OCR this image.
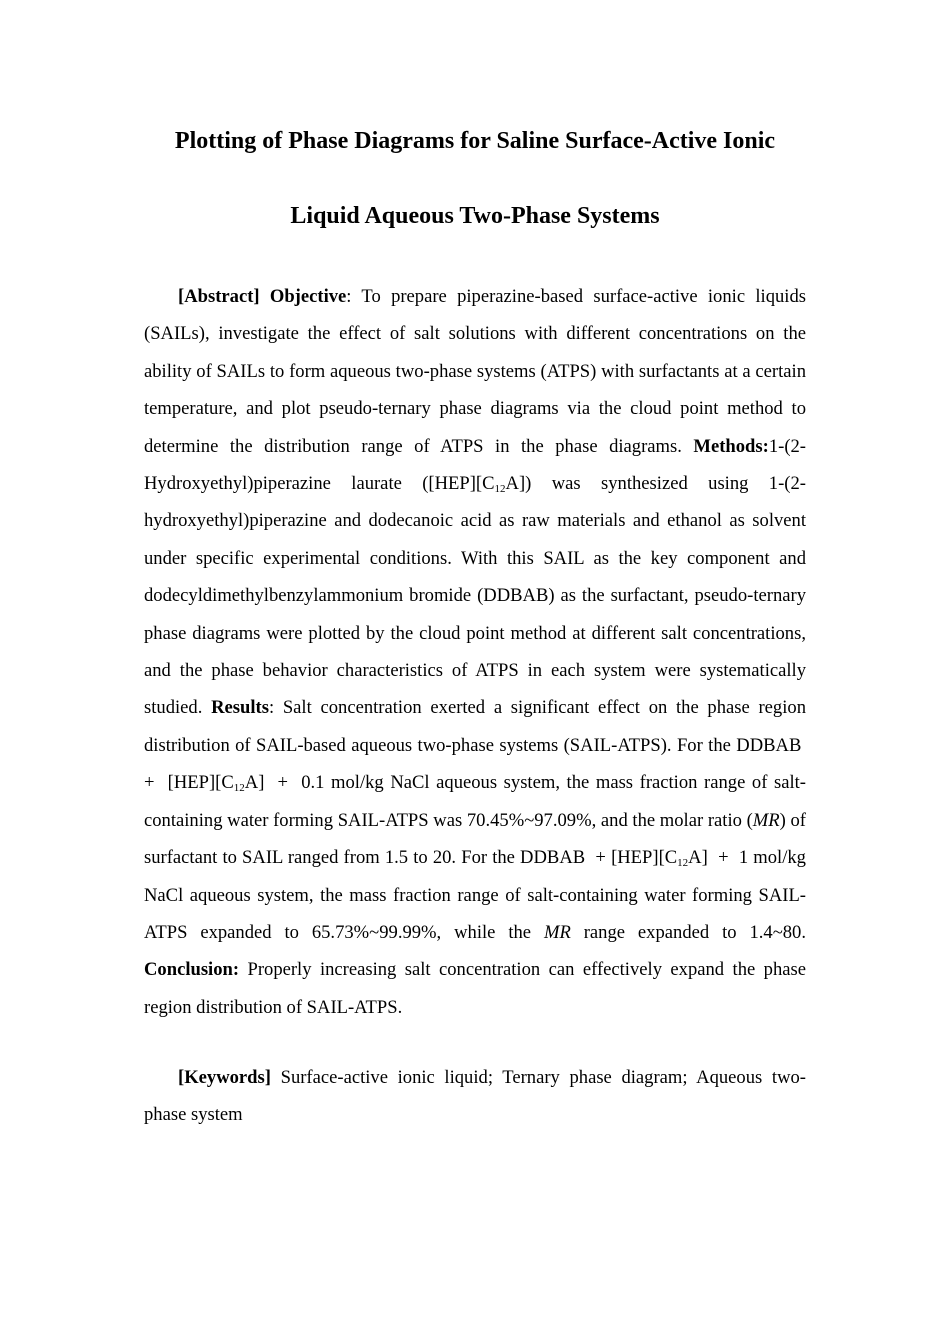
Plotting of Phase Diagrams for Saline Surface-Active Ionic
Liquid Aqueous Two-Phase Systems

[Abstract] Objective: To prepare piperazine-based surface-active ionic liquids (SAILs), investigate the effect of salt solutions with different concentrations on the ability of SAILs to form aqueous two-phase systems (ATPS) with surfactants at a certain temperature, and plot pseudo-ternary phase diagrams via the cloud point method to determine the distribution range of ATPS in the phase diagrams. Methods:1-(2-Hydroxyethyl)piperazine laurate $([HEP][C_{12}A])$ was synthesized using 1-(2-hydroxyethyl)piperazine and dodecanoic acid as raw materials and ethanol as solvent under specific experimental conditions. With this SAIL as the key component and dodecyldimethylbenzylammonium bromide (DDBAB) as the surfactant, pseudo-ternary phase diagrams were plotted by the cloud point method at different salt concentrations, and the phase behavior characteristics of ATPS in each system were systematically studied. Results: Salt concentration exerted a significant effect on the phase region distribution of SAIL-based aqueous two-phase systems (SAIL-ATPS). For the DDBAB  +  $[HEP][C_{12}A] + 0.1$ mol/kg NaCl aqueous system, the mass fraction range of salt-containing water forming SAIL-ATPS was 70.45%~97.09%, and the molar ratio (MR) of surfactant to SAIL ranged from 1.5 to 20. For the DDBAB  + $[HEP][C_{12}A] + 1$ mol/kg NaCl aqueous system, the mass fraction range of salt-containing water forming SAIL-ATPS expanded to 65.73%~99.99%, while the MR range expanded to 1.4~80. Conclusion: Properly increasing salt concentration can effectively expand the phase region distribution of SAIL-ATPS.

[Keywords] Surface-active ionic liquid; Ternary phase diagram; Aqueous two-phase system
